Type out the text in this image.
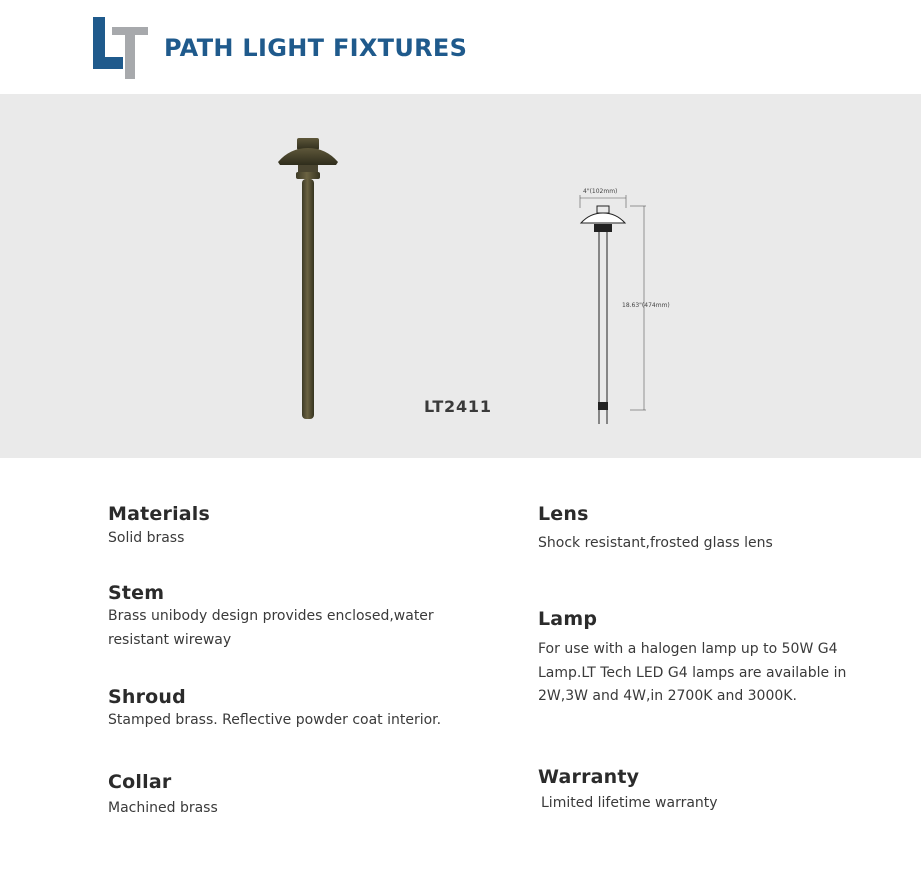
PATH LIGHT FIXTURES
LT2411
4"(102mm)
18.63"(474mm)
Materials

Solid brass

Stem

Brass unibody design provides enclosed,water

resistant wireway

Shroud

Stamped brass. Reflective powder coat interior.

Collar

Machined brass

Lens

Shock resistant,frosted glass lens

Lamp

For use with a halogen lamp up to 50W G4

Lamp.LT Tech LED G4 lamps are available in

2W,3W and 4W,in 2700K and 3000K.

Warranty

Limited lifetime warranty
